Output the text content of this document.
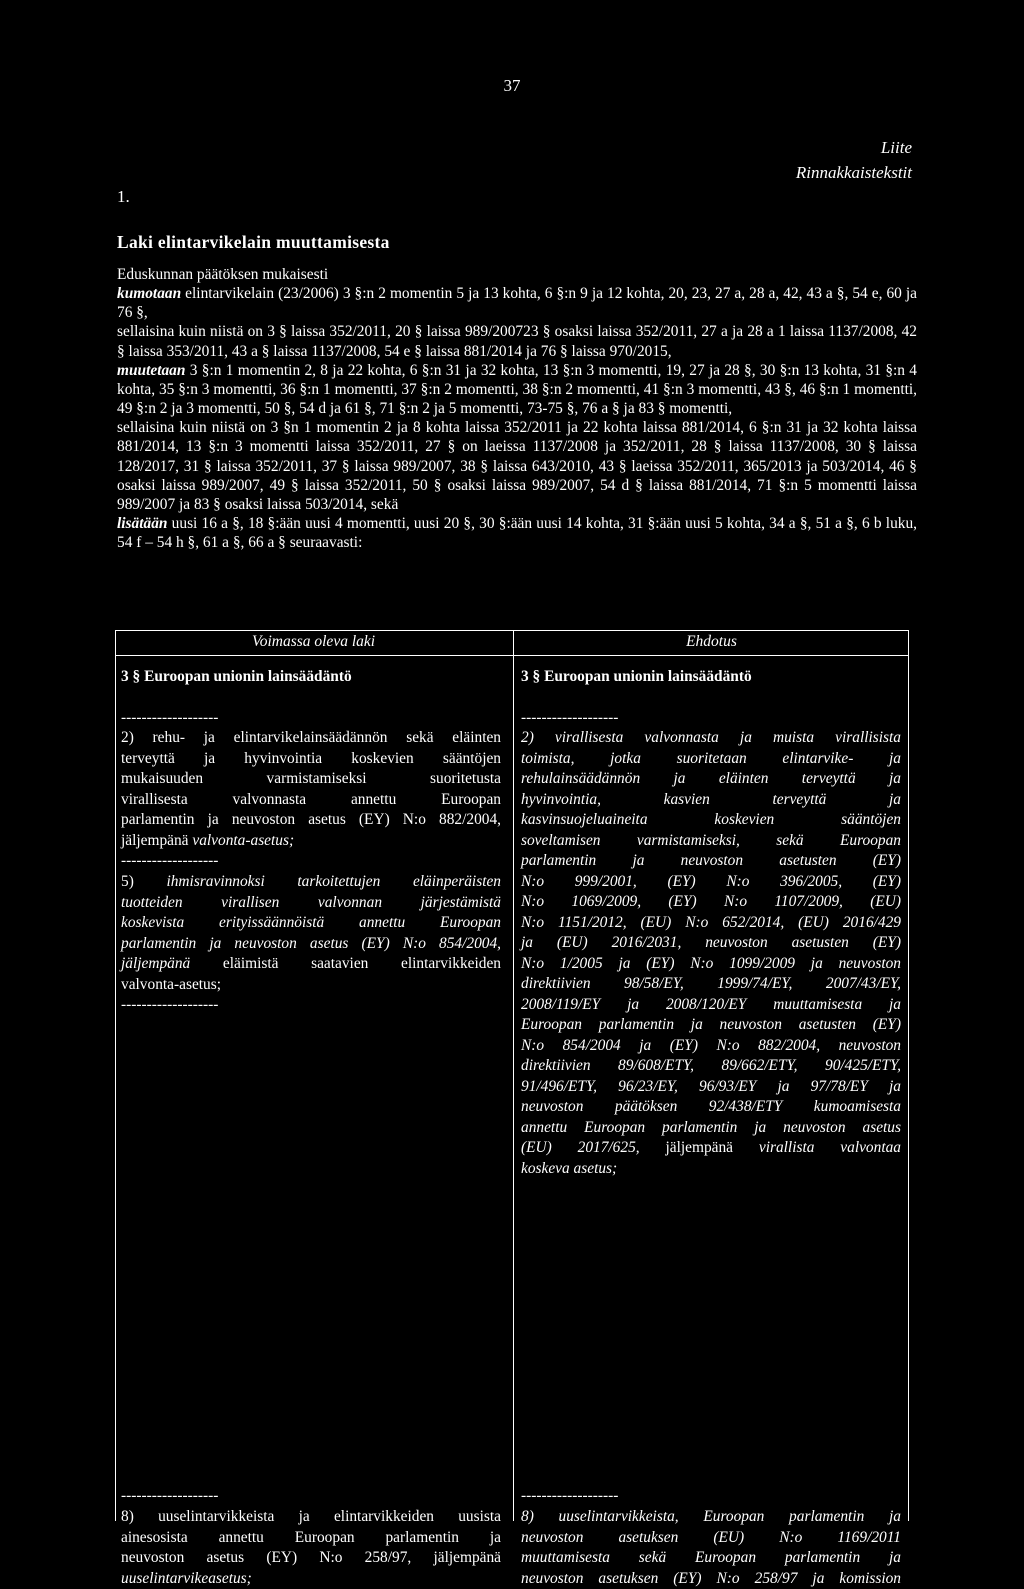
37
Liite
Rinnakkaistekstit
1.
Laki elintarvikelain muuttamisesta

Eduskunnan päätöksen mukaisesti

kumotaan elintarvikelain (23/2006) 3 §:n 2 momentin 5 ja 13 kohta, 6 §:n 9 ja 12 kohta, 20, 23, 27 a, 28 a, 42, 43 a §, 54 e, 60 ja 76 §,

sellaisina kuin niistä on 3 § laissa 352/2011, 20 § laissa 989/200723 § osaksi laissa 352/2011, 27 a ja 28 a 1 laissa 1137/2008, 42 § laissa 353/2011, 43 a § laissa 1137/2008, 54 e § laissa 881/2014 ja 76 § laissa 970/2015,

muutetaan 3 §:n 1 momentin 2, 8 ja 22 kohta, 6 §:n 31 ja 32 kohta, 13 §:n 3 momentti, 19, 27 ja 28 §, 30 §:n 13 kohta, 31 §:n 4 kohta, 35 §:n 3 momentti, 36 §:n 1 momentti, 37 §:n 2 momentti, 38 §:n 2 momentti, 41 §:n 3 momentti, 43 §, 46 §:n 1 momentti, 49 §:n 2 ja 3 momentti, 50 §, 54 d ja 61 §, 71 §:n 2 ja 5 momentti, 73-75 §, 76 a § ja 83 § momentti,

sellaisina kuin niistä on 3 §n 1 momentin 2 ja 8 kohta laissa 352/2011 ja 22 kohta laissa 881/2014, 6 §:n 31 ja 32 kohta laissa 881/2014, 13 §:n 3 momentti laissa 352/2011, 27 § on laeissa 1137/2008 ja 352/2011, 28 § laissa 1137/2008, 30 § laissa 128/2017, 31 § laissa 352/2011, 37 § laissa 989/2007, 38 § laissa 643/2010, 43 § laeissa 352/2011, 365/2013 ja 503/2014, 46 § osaksi laissa 989/2007, 49 § laissa 352/2011, 50 § osaksi laissa 989/2007, 54 d § laissa 881/2014, 71 §:n 5 momentti laissa 989/2007 ja 83 § osaksi laissa 503/2014, sekä

lisätään uusi 16 a §, 18 §:ään uusi 4 momentti, uusi 20 §, 30 §:ään uusi 14 kohta, 31 §:ään uusi 5 kohta, 34 a §, 51 a §, 6 b luku, 54 f – 54 h §, 61 a §, 66 a § seuraavasti:

Voimassa oleva laki	Ehdotus
3 § Euroopan unionin lainsäädäntö
-------------------

2) rehu- ja elintarvikelainsäädännön sekä eläinten

terveyttä ja hyvinvointia koskevien sääntöjen

mukaisuuden varmistamiseksi suoritetusta

virallisesta valvonnasta annettu Euroopan

parlamentin ja neuvoston asetus (EY) N:o 882/2004,

jäljempänä valvonta-asetus;

-------------------

5) ihmisravinnoksi tarkoitettujen eläinperäisten

tuotteiden virallisen valvonnan järjestämistä

koskevista erityissäännöistä annettu Euroopan

parlamentin ja neuvoston asetus (EY) N:o 854/2004,

jäljempänä eläimistä saatavien elintarvikkeiden

valvonta-asetus;

-------------------
-------------------

8) uuselintarvikkeista ja elintarvikkeiden uusista

ainesosista annettu Euroopan parlamentin ja

neuvoston asetus (EY) N:o 258/97, jäljempänä

uuselintarvikeasetus;

3 § Euroopan unionin lainsäädäntö
-------------------

2) virallisesta valvonnasta ja muista virallisista

toimista, jotka suoritetaan elintarvike- ja

rehulainsäädännön ja eläinten terveyttä ja

hyvinvointia, kasvien terveyttä ja

kasvinsuojeluaineita koskevien sääntöjen

soveltamisen varmistamiseksi, sekä Euroopan

parlamentin ja neuvoston asetusten (EY)

N:o 999/2001, (EY) N:o 396/2005, (EY)

N:o 1069/2009, (EY) N:o 1107/2009, (EU)

N:o 1151/2012, (EU) N:o 652/2014, (EU) 2016/429

ja (EU) 2016/2031, neuvoston asetusten (EY)

N:o 1/2005 ja (EY) N:o 1099/2009 ja neuvoston

direktiivien 98/58/EY, 1999/74/EY, 2007/43/EY,

2008/119/EY ja 2008/120/EY muuttamisesta ja

Euroopan parlamentin ja neuvoston asetusten (EY)

N:o 854/2004 ja (EY) N:o 882/2004, neuvoston

direktiivien 89/608/ETY, 89/662/ETY, 90/425/ETY,

91/496/ETY, 96/23/EY, 96/93/EY ja 97/78/EY ja

neuvoston päätöksen 92/438/ETY kumoamisesta

annettu Euroopan parlamentin ja neuvoston asetus

(EU) 2017/625, jäljempänä virallista valvontaa

koskeva asetus;

-------------------

8) uuselintarvikkeista, Euroopan parlamentin ja

neuvoston asetuksen (EU) N:o 1169/2011

muuttamisesta sekä Euroopan parlamentin ja

neuvoston asetuksen (EY) N:o 258/97 ja komission
